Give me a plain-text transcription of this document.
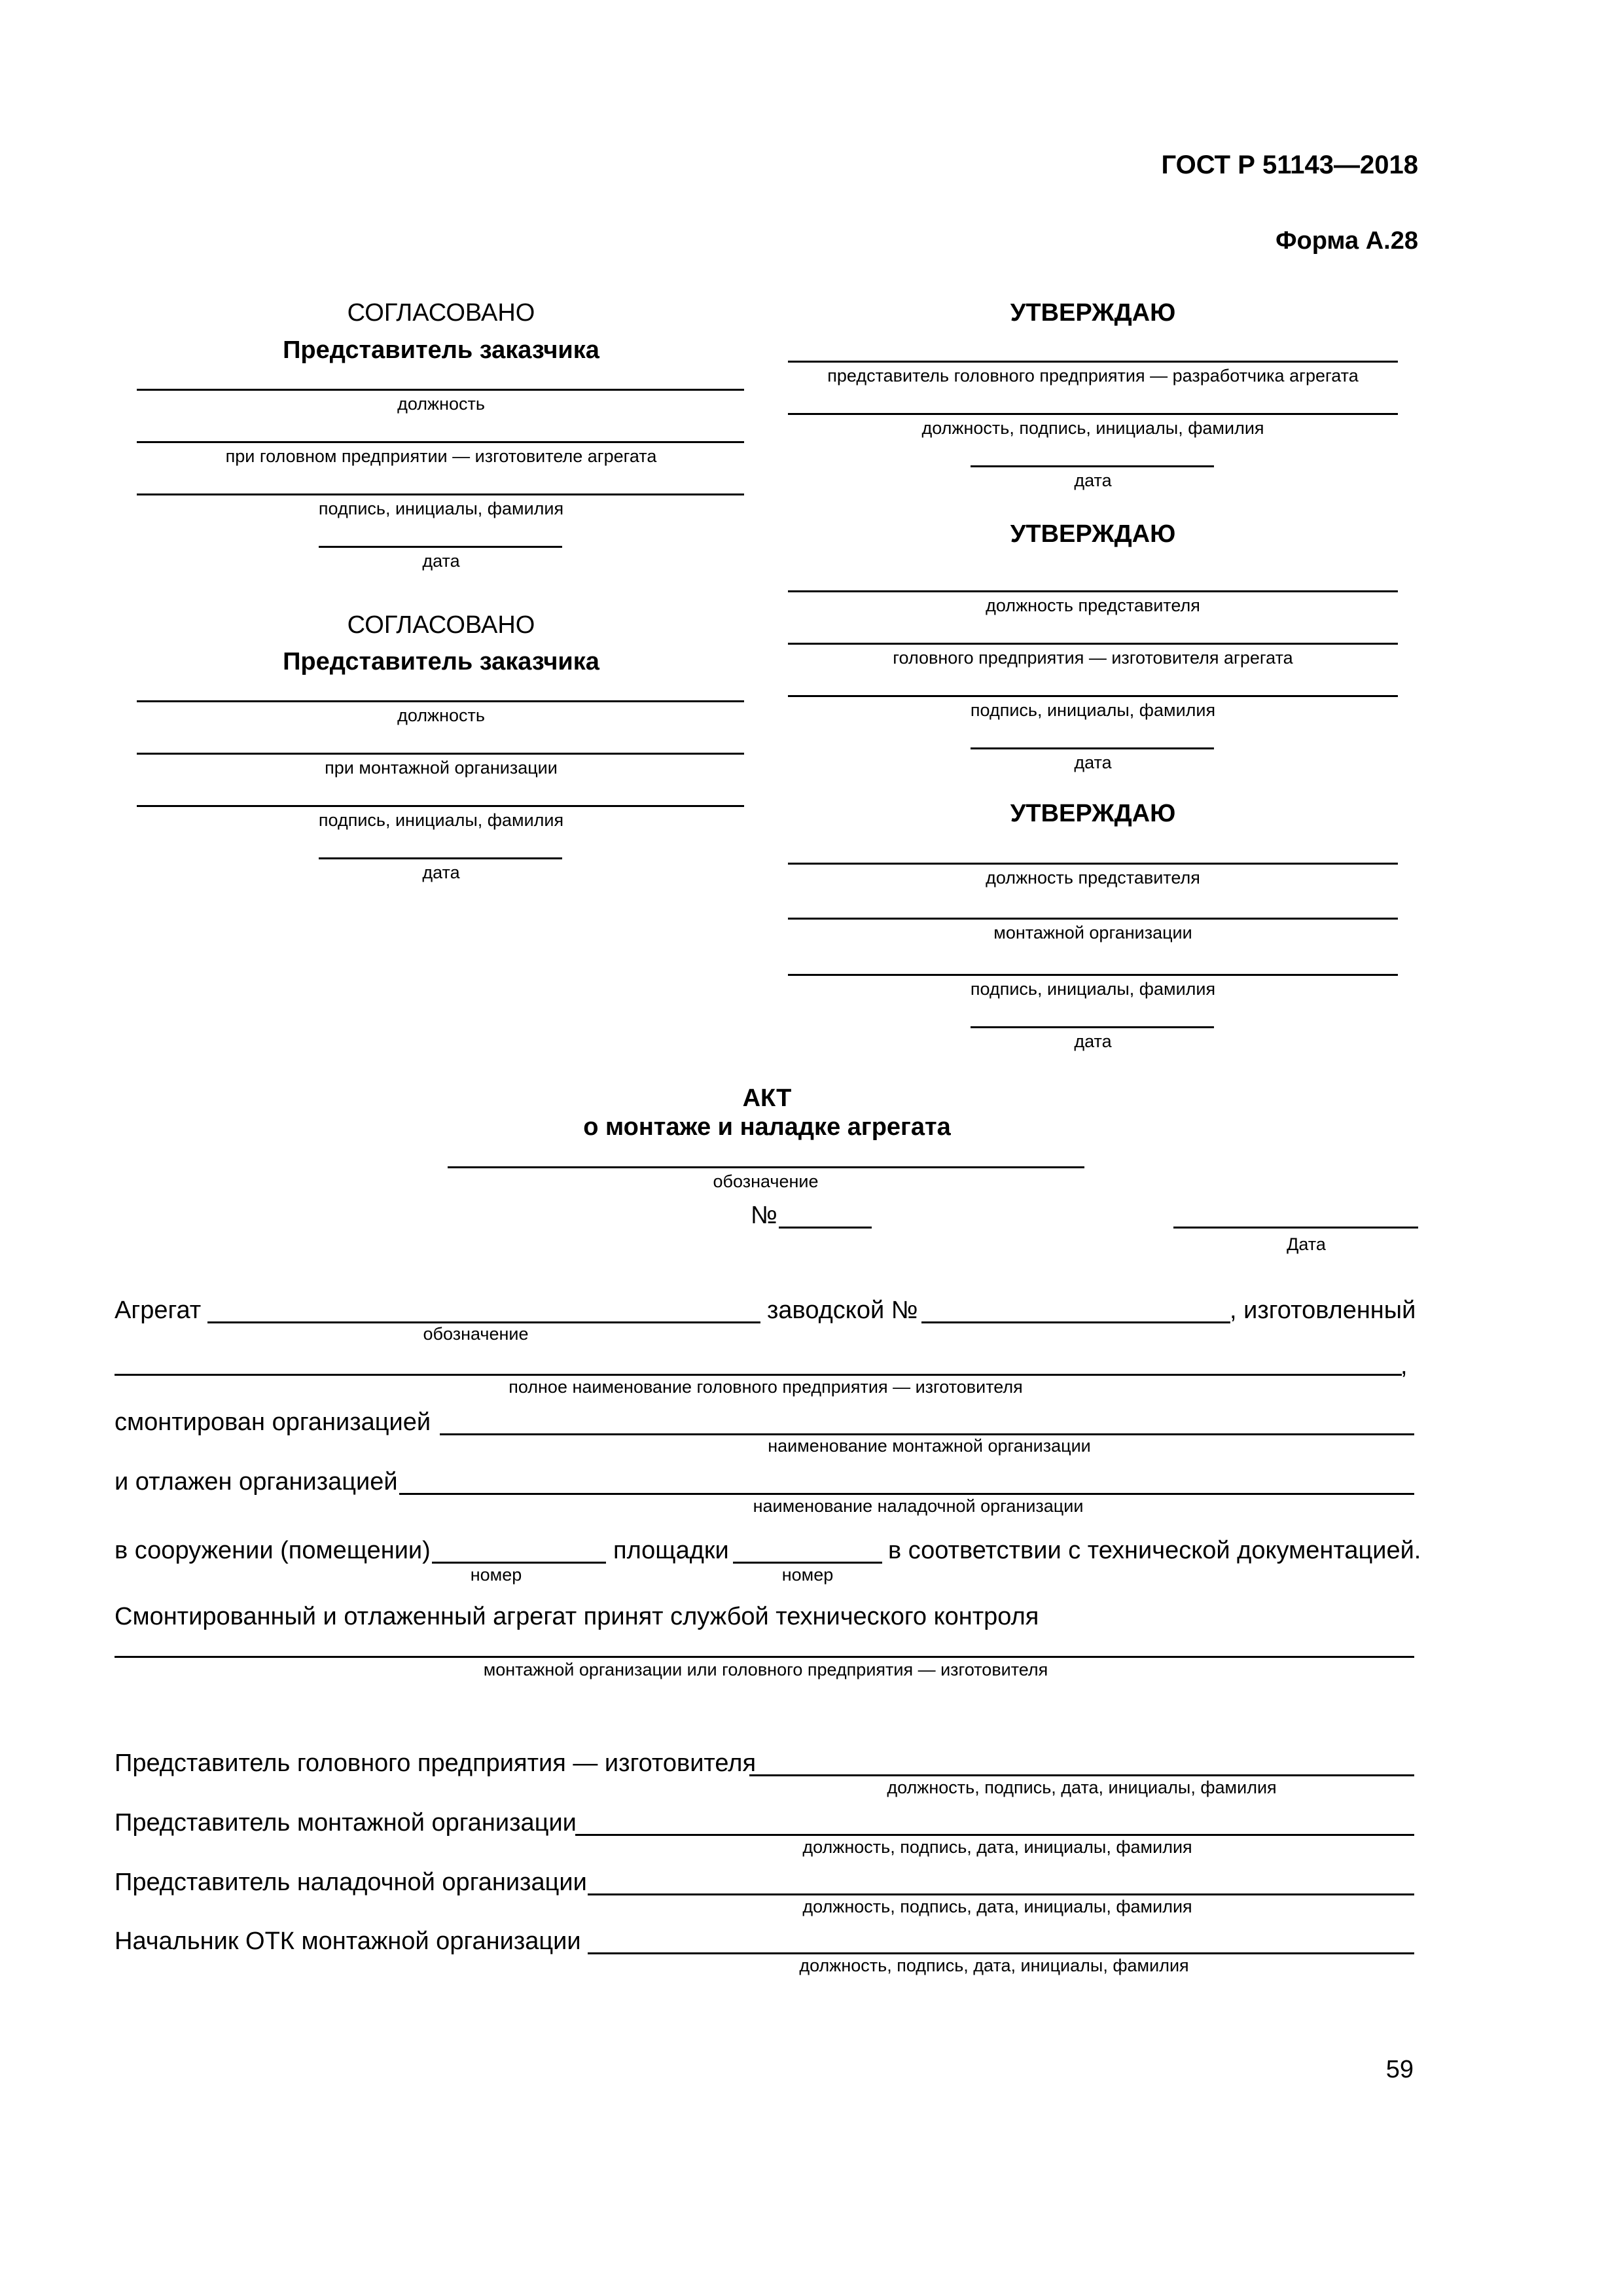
ГОСТ Р 51143—2018
Форма А.28
СОГЛАСОВАНО
Представитель заказчика
должность
при головном предприятии — изготовителе агрегата
подпись, инициалы, фамилия
дата
СОГЛАСОВАНО
Представитель заказчика
должность
при монтажной организации
подпись, инициалы, фамилия
дата
УТВЕРЖДАЮ
представитель головного предприятия — разработчика агрегата
должность, подпись, инициалы, фамилия
дата
УТВЕРЖДАЮ
должность представителя
головного предприятия — изготовителя агрегата
подпись, инициалы, фамилия
дата
УТВЕРЖДАЮ
должность представителя
монтажной организации
подпись, инициалы, фамилия
дата
АКТ
о монтаже и наладке агрегата
обозначение
№
Дата
Агрегат
обозначение
заводской №	, изготовленный
,
полное наименование головного предприятия — изготовителя
смонтирован организацией
наименование монтажной организации
и отлажен организацией
наименование наладочной организации
в сооружении (помещении)
номер
площадки
номер
в соответствии с технической документацией.
Смонтированный и отлаженный агрегат принят службой технического контроля
монтажной организации или головного предприятия — изготовителя
Представитель головного предприятия — изготовителя
должность, подпись, дата, инициалы, фамилия
Представитель монтажной организации
должность, подпись, дата, инициалы, фамилия
Представитель наладочной организации
должность, подпись, дата, инициалы, фамилия
Начальник ОТК монтажной организации
должность, подпись, дата, инициалы, фамилия
59
